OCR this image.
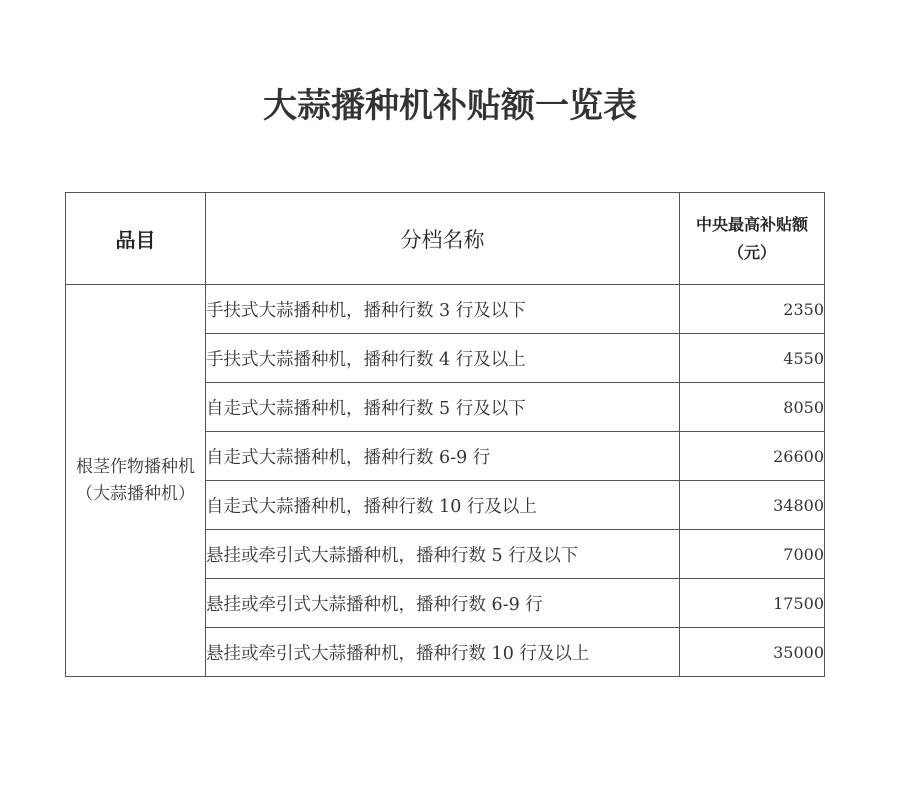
大蒜播种机补贴额一览表
品目	分档名称	中央最高补贴额（元）
根茎作物播种机（大蒜播种机）	手扶式大蒜播种机，播种行数 3 行及以下	2350
	手扶式大蒜播种机，播种行数 4 行及以上	4550
	自走式大蒜播种机，播种行数 5 行及以下	8050
	自走式大蒜播种机，播种行数 6-9 行	26600
	自走式大蒜播种机，播种行数 10 行及以上	34800
	悬挂或牵引式大蒜播种机，播种行数 5 行及以下	7000
	悬挂或牵引式大蒜播种机，播种行数 6-9 行	17500
	悬挂或牵引式大蒜播种机，播种行数 10 行及以上	35000
